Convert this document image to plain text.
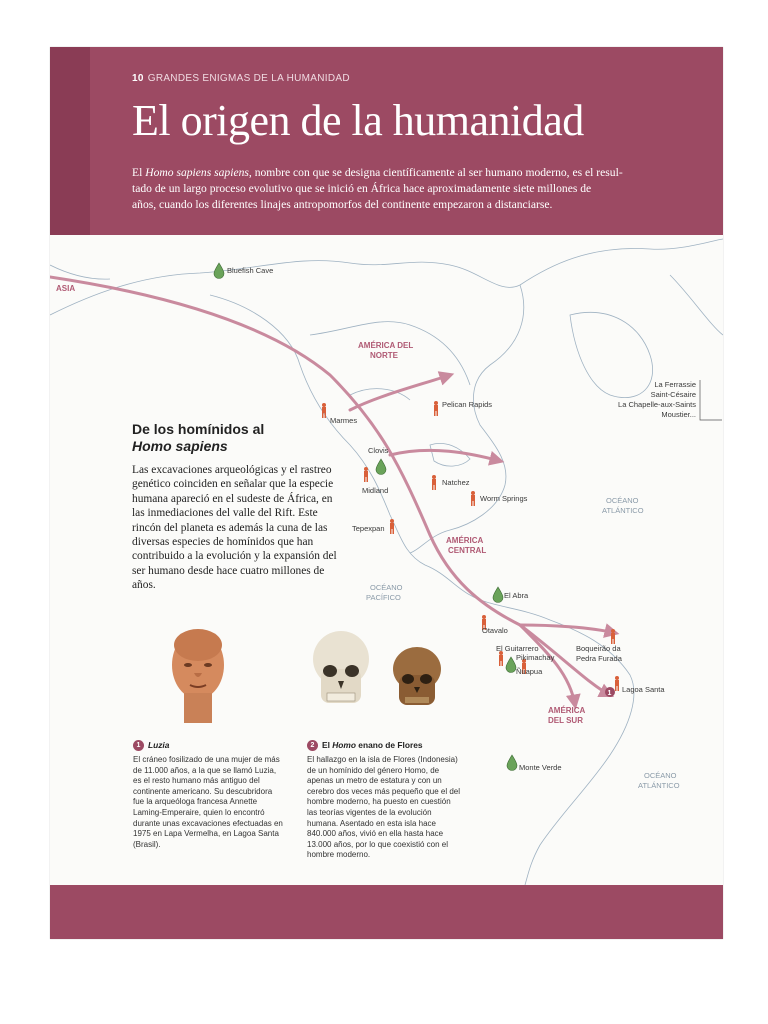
10 GRANDES ENIGMAS DE LA HUMANIDAD
El origen de la humanidad
El Homo sapiens sapiens, nombre con que se designa científicamente al ser humano moderno, es el resul-
tado de un largo proceso evolutivo que se inició en África hace aproximadamente siete millones de
años, cuando los diferentes linajes antropomorfos del continente empezaron a distanciarse.
ASIA
AMÉRICA DEL
NORTE
AMÉRICA
CENTRAL
AMÉRICA
DEL SUR
OCÉANO
PACÍFICO
OCÉANO
ATLÁNTICO
OCÉANO
ATLÁNTICO
1
Bluefish Cave
Marmes
Pelican Rapids
Clovis
Midland
Natchez
Worm Springs
Tepexpan
El Abra
Otavalo
El Guitarrero
Pikimachay
Ñuapua
Boqueirão da
Pedra Furada
Lagoa Santa
Monte Verde
La Ferrassie
Saint-Césaire
La Chapelle-aux-Saints
Moustier...
De los homínidos al
Homo sapiens

Las excavaciones arqueológicas y el rastreo genético coinciden en señalar que la especie humana apareció en el sudeste de África, en las inmediaciones del valle del Rift. Este rincón del planeta es además la cuna de las diversas especies de homínidos que han contribuido a la evolución y la expansión del ser humano desde hace cuatro millones de años.

1 Luzia
El cráneo fosilizado de una mujer de más de 11.000 años, a la que se llamó Luzia, es el resto humano más antiguo del continente americano. Su descubridora fue la arqueóloga francesa Annette Laming-Emperaire, quien lo encontró durante unas excavaciones efectuadas en 1975 en Lapa Vermelha, en Lagoa Santa (Brasil).
2 El Homo enano de Flores
El hallazgo en la isla de Flores (Indonesia) de un homínido del género Homo, de apenas un metro de estatura y con un cerebro dos veces más pequeño que el del hombre moderno, ha puesto en cuestión las teorías vigentes de la evolución humana. Asentado en esta isla hace 840.000 años, vivió en ella hasta hace 13.000 años, por lo que coexistió con el hombre moderno.
